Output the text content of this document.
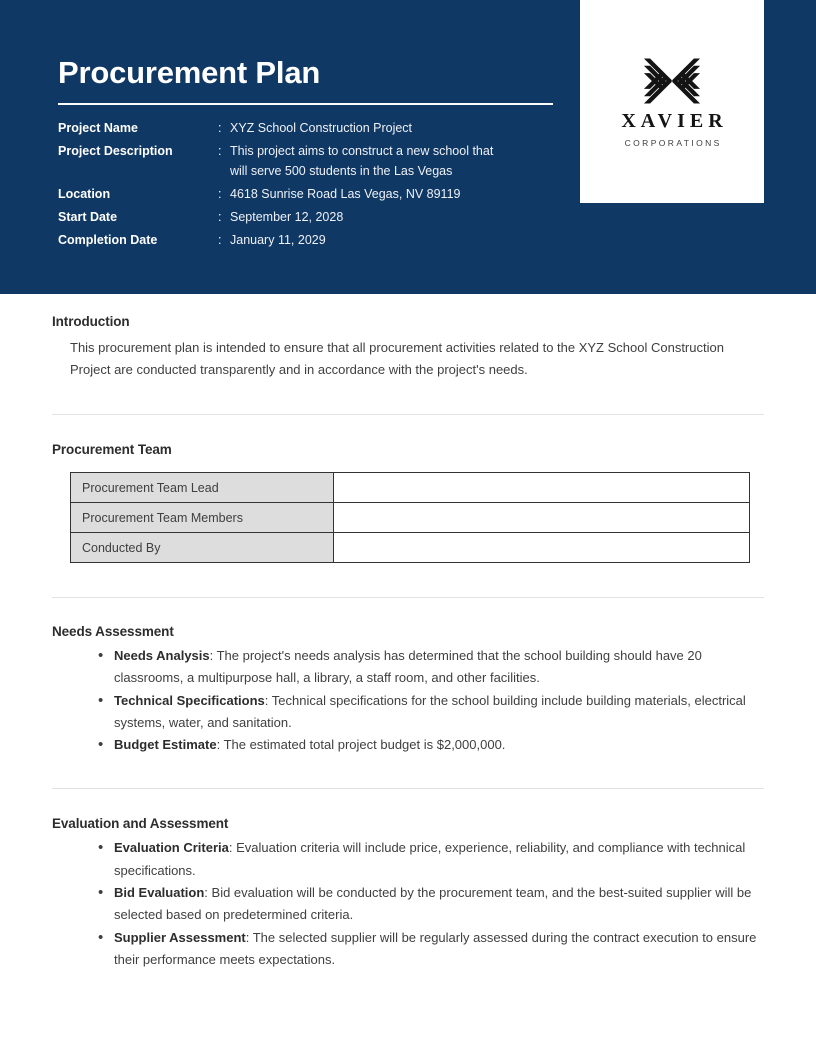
Procurement Plan
Project Name	: XYZ School Construction Project
Project Description	: This project aims to construct a new school that
will serve 500 students in the Las Vegas
Location	: 4618 Sunrise Road Las Vegas, NV 89119
Start Date	: September 12, 2028
Completion Date	: January 11, 2029
XAVIER
CORPORATIONS
Introduction
This procurement plan is intended to ensure that all procurement activities related to the XYZ School Construction Project are conducted transparently and in accordance with the project's needs.
Procurement Team
Procurement Team Lead	
Procurement Team Members	
Conducted By	
Needs Assessment
• Needs Analysis: The project's needs analysis has determined that the school building should have 20 classrooms, a multipurpose hall, a library, a staff room, and other facilities.
• Technical Specifications: Technical specifications for the school building include building materials, electrical systems, water, and sanitation.
• Budget Estimate: The estimated total project budget is $2,000,000.
Evaluation and Assessment
• Evaluation Criteria: Evaluation criteria will include price, experience, reliability, and compliance with technical specifications.
• Bid Evaluation: Bid evaluation will be conducted by the procurement team, and the best-suited supplier will be selected based on predetermined criteria.
• Supplier Assessment: The selected supplier will be regularly assessed during the contract execution to ensure their performance meets expectations.
